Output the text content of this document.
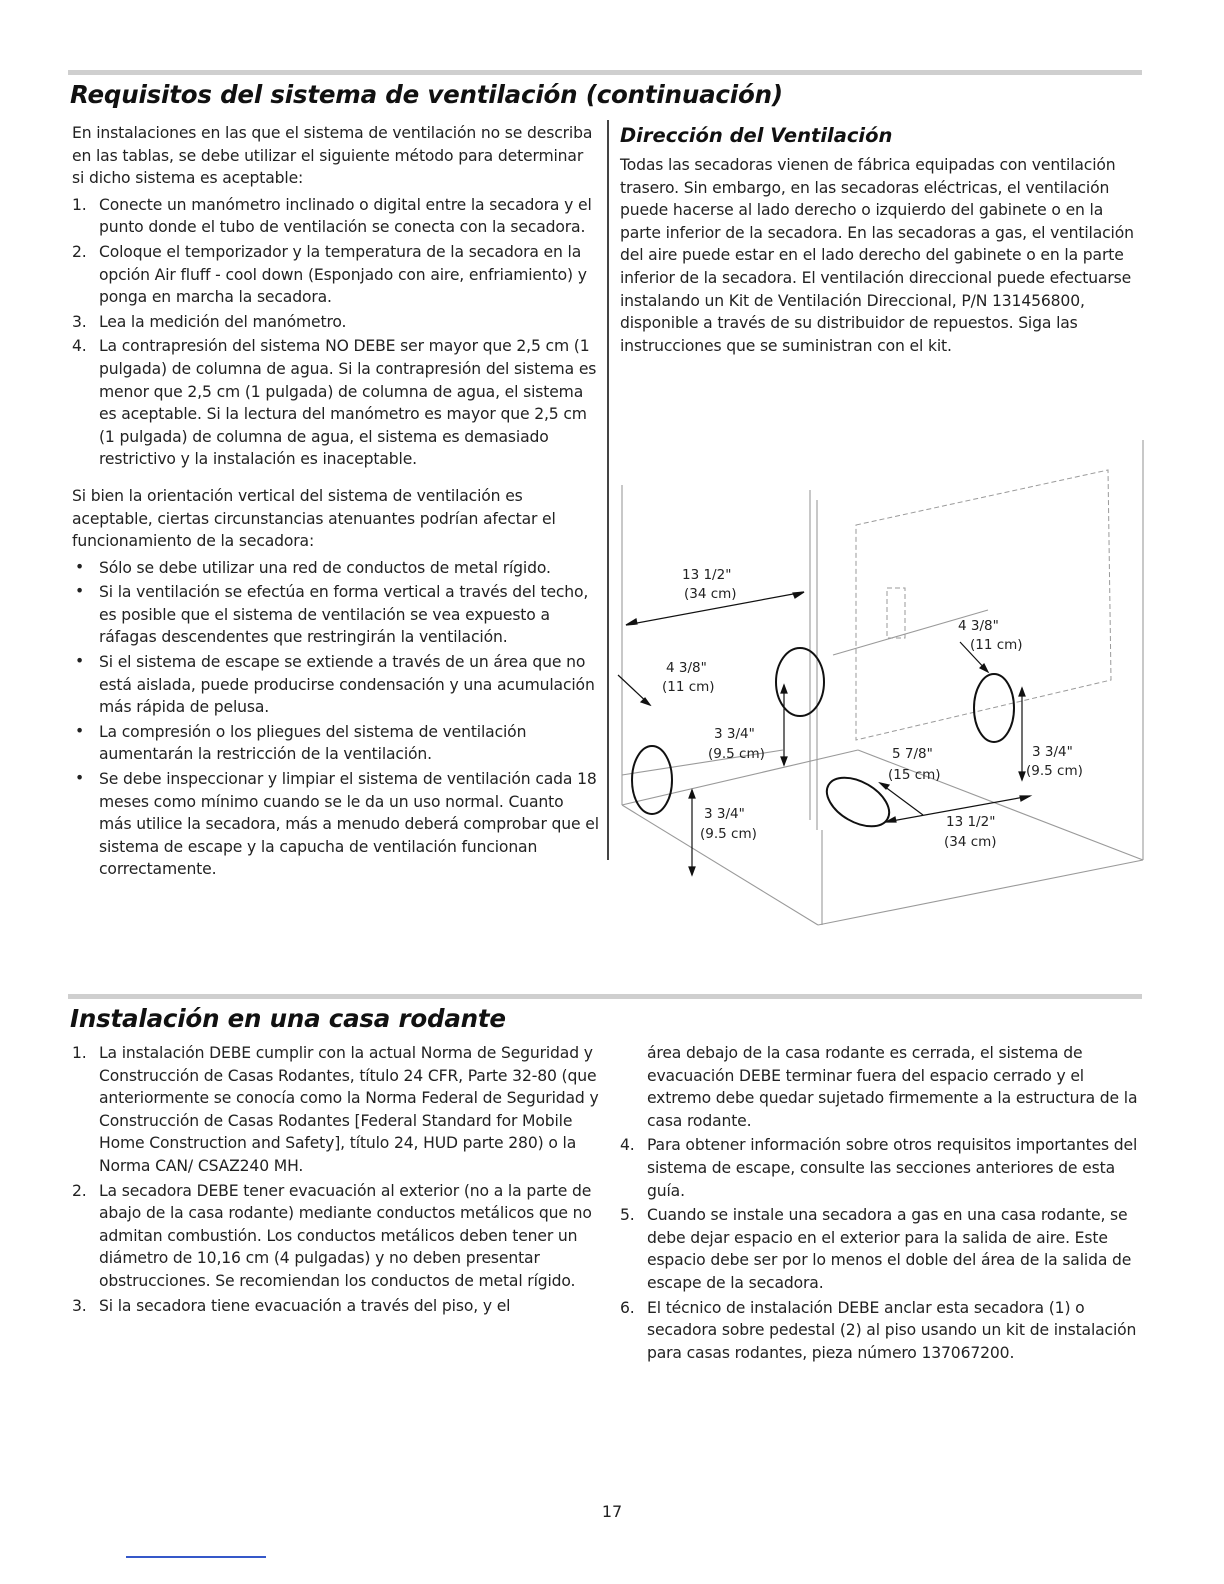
Requisitos del sistema de ventilación (continuación)

En instalaciones en las que el sistema de ventilación no se describa en las tablas, se debe utilizar el siguiente método para determinar si dicho sistema es aceptable:

1. Conecte un manómetro inclinado o digital entre la secadora y el punto donde el tubo de ventilación se conecta con la secadora.
2. Coloque el temporizador y la temperatura de la secadora en la opción Air fluff - cool down (Esponjado con aire, enfriamiento) y ponga en marcha la secadora.
3. Lea la medición del manómetro.
4. La contrapresión del sistema NO DEBE ser mayor que 2,5 cm (1 pulgada) de columna de agua. Si la contrapresión del sistema es menor que 2,5 cm (1 pulgada) de columna de agua, el sistema es aceptable. Si la lectura del manómetro es mayor que 2,5 cm (1 pulgada) de columna de agua, el sistema es demasiado restrictivo y la instalación es inaceptable.

Si bien la orientación vertical del sistema de ventilación es aceptable, ciertas circunstancias atenuantes podrían afectar el funcionamiento de la secadora:

• Sólo se debe utilizar una red de conductos de metal rígido.
• Si la ventilación se efectúa en forma vertical a través del techo, es posible que el sistema de ventilación se vea expuesto a ráfagas descendentes que restringirán la ventilación.
• Si el sistema de escape se extiende a través de un área que no está aislada, puede producirse condensación y una acumulación más rápida de pelusa.
• La compresión o los pliegues del sistema de ventilación aumentarán la restricción de la ventilación.
• Se debe inspeccionar y limpiar el sistema de ventilación cada 18 meses como mínimo cuando se le da un uso normal. Cuanto más utilice la secadora, más a menudo deberá comprobar que el sistema de escape y la capucha de ventilación funcionan correctamente.
Dirección del Ventilación

Todas las secadoras vienen de fábrica equipadas con ventilación trasero. Sin embargo, en las secadoras eléctricas, el ventilación puede hacerse al lado derecho o izquierdo del gabinete o en la parte inferior de la secadora. En las secadoras a gas, el ventilación del aire puede estar en el lado derecho del gabinete o en la parte inferior de la secadora. El ventilación direccional puede efectuarse instalando un Kit de Ventilación Direccional, P/N 131456800, disponible a través de su distribuidor de repuestos. Siga las instrucciones que se suministran con el kit.

13 1/2"
(34 cm)
4 3/8"
(11 cm)
3 3/4"
(9.5 cm)
3 3/4"
(9.5 cm)
5 7/8"
(15 cm)
4 3/8"
(11 cm)
3 3/4"
(9.5 cm)
13 1/2"
(34 cm)
Instalación en una casa rodante
1. La instalación DEBE cumplir con la actual Norma de Seguridad y Construcción de Casas Rodantes, título 24 CFR, Parte 32-80 (que anteriormente se conocía como la Norma Federal de Seguridad y Construcción de Casas Rodantes [Federal Standard for Mobile Home Construction and Safety], título 24, HUD parte 280) o la Norma CAN/ CSAZ240 MH.
2. La secadora DEBE tener evacuación al exterior (no a la parte de abajo de la casa rodante) mediante conductos metálicos que no admitan combustión. Los conductos metálicos deben tener un diámetro de 10,16 cm (4 pulgadas) y no deben presentar obstrucciones. Se recomiendan los conductos de metal rígido.
3. Si la secadora tiene evacuación a través del piso, y el

área debajo de la casa rodante es cerrada, el sistema de evacuación DEBE terminar fuera del espacio cerrado y el extremo debe quedar sujetado firmemente a la estructura de la casa rodante.

4. Para obtener información sobre otros requisitos importantes del sistema de escape, consulte las secciones anteriores de esta guía.
5. Cuando se instale una secadora a gas en una casa rodante, se debe dejar espacio en el exterior para la salida de aire. Este espacio debe ser por lo menos el doble del área de la salida de escape de la secadora.
6. El técnico de instalación DEBE anclar esta secadora (1) o secadora sobre pedestal (2) al piso usando un kit de instalación para casas rodantes, pieza número 137067200.
17
